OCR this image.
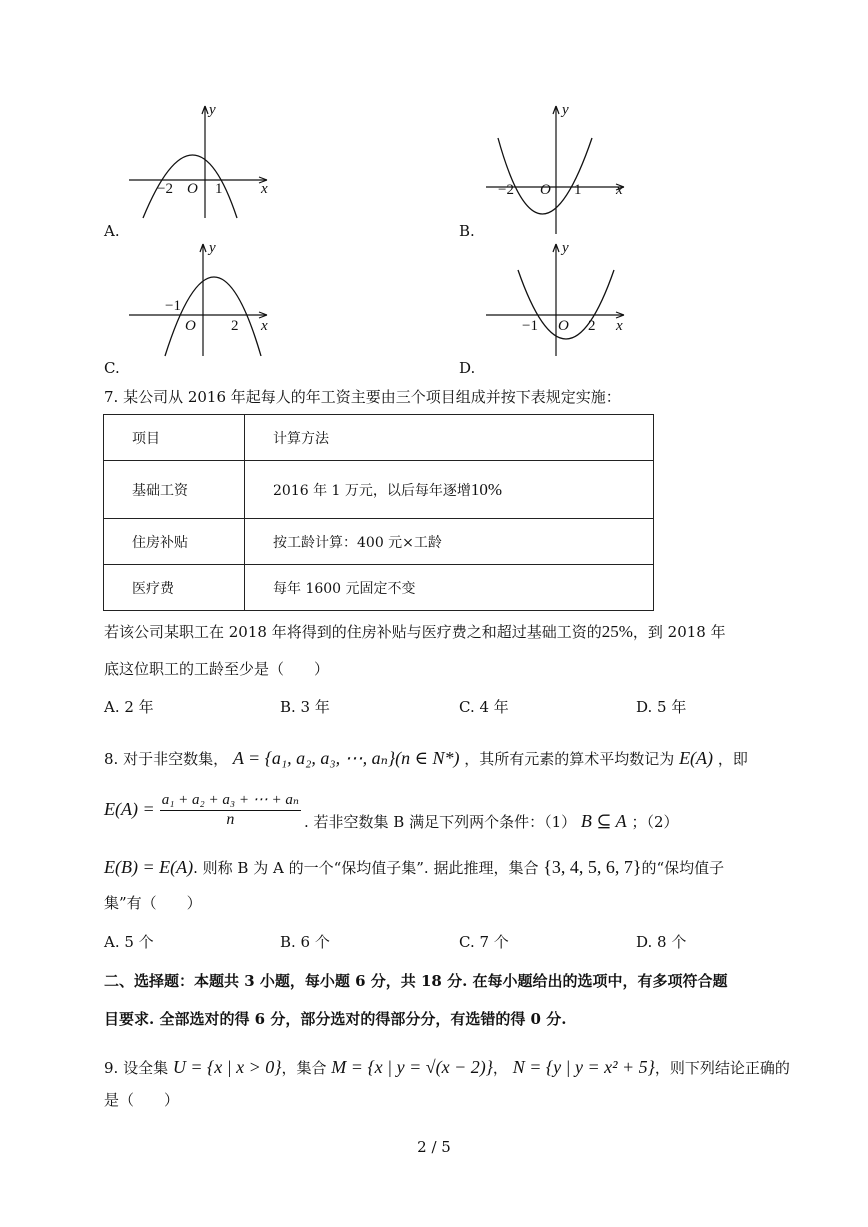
y
x
O
−2	1
A.
y
x
O
−2	1
B.
y
x
O
−1
2
C.
y
x
O
−1	2
D.
7. 某公司从 2016 年起每人的年工资主要由三个项目组成并按下表规定实施：
项目	计算方法
基础工资	2016 年 1 万元，以后每年逐增10%
住房补贴	按工龄计算：400 元×工龄
医疗费	每年 1600 元固定不变
若该公司某职工在 2018 年将得到的住房补贴与医疗费之和超过基础工资的25%，到 2018 年
底这位职工的工龄至少是（　　）
A. 2 年	B. 3 年	C. 4 年	D. 5 年
8. 对于非空数集， A = {a₁, a₂, a₃, ⋯, aₙ}(n ∈ N*) ，其所有元素的算术平均数记为 E(A) ，即
$E(A) = \frac{\text{a₁ + a₂ + a₃ + ⋯ + aₙ}}{n}$ . 若非空数集 B 满足下列两个条件：（1） B ⊆ A ；（2）
E(B) = E(A). 则称 B 为 A 的一个“保均值子集”. 据此推理，集合 {3, 4, 5, 6, 7}的“保均值子
集”有（　　）
A. 5 个	B. 6 个	C. 7 个	D. 8 个
二、选择题：本题共 3 小题，每小题 6 分，共 18 分. 在每小题给出的选项中，有多项符合题
目要求. 全部选对的得 6 分，部分选对的得部分分，有选错的得 0 分.
9. 设全集 U = {x | x > 0}，集合 M = {x | y = √(x − 2)}， N = {y | y = x² + 5}，则下列结论正确的
是（　　）
2 / 5
